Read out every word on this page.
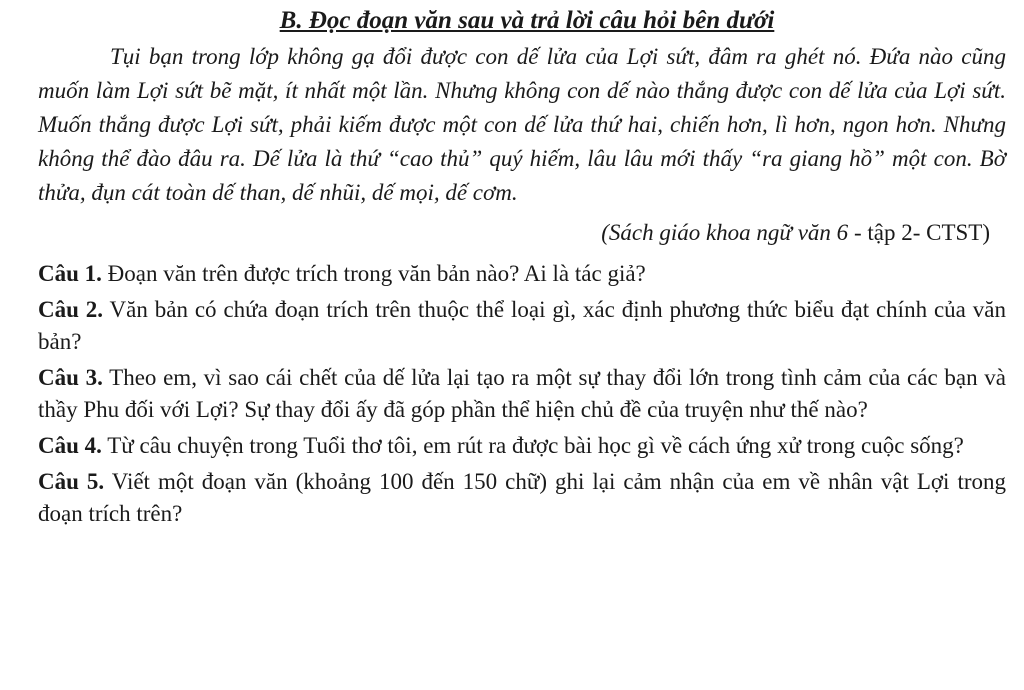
B. Đọc đoạn văn sau và trả lời câu hỏi bên dưới

Tụi bạn trong lớp không gạ đổi được con dế lửa của Lợi sứt, đâm ra ghét nó. Đứa nào cũng muốn làm Lợi sứt bẽ mặt, ít nhất một lần. Nhưng không con dế nào thắng được con dế lửa của Lợi sứt. Muốn thắng được Lợi sứt, phải kiếm được một con dế lửa thứ hai, chiến hơn, lì hơn, ngon hơn. Nhưng không thể đào đâu ra. Dế lửa là thứ “cao thủ” quý hiếm, lâu lâu mới thấy “ra giang hồ” một con. Bờ thửa, đụn cát toàn dế than, dế nhũi, dế mọi, dế cơm.

(Sách giáo khoa ngữ văn 6 - tập 2- CTST)

Câu 1. Đoạn văn trên được trích trong văn bản nào? Ai là tác giả?

Câu 2. Văn bản có chứa đoạn trích trên thuộc thể loại gì, xác định phương thức biểu đạt chính của văn bản?

Câu 3. Theo em, vì sao cái chết của dế lửa lại tạo ra một sự thay đổi lớn trong tình cảm của các bạn và thầy Phu đối với Lợi? Sự thay đổi ấy đã góp phần thể hiện chủ đề của truyện như thế nào?

Câu 4. Từ câu chuyện trong Tuổi thơ tôi, em rút ra được bài học gì về cách ứng xử trong cuộc sống?

Câu 5. Viết một đoạn văn (khoảng 100 đến 150 chữ) ghi lại cảm nhận của em về nhân vật Lợi trong đoạn trích trên?
